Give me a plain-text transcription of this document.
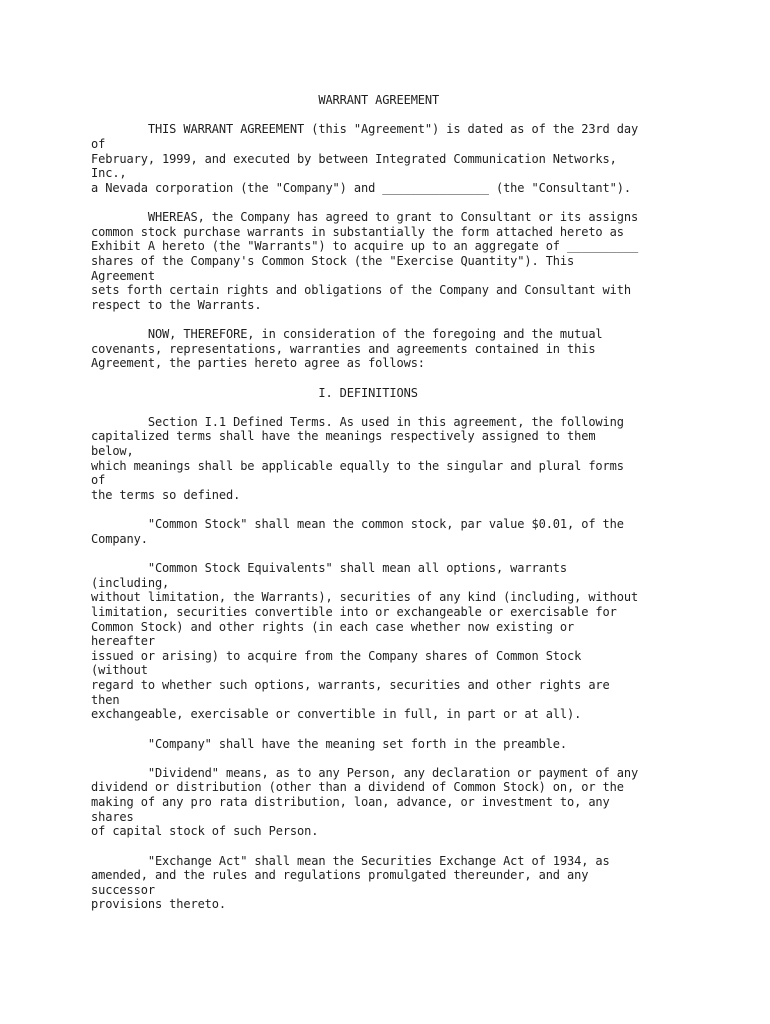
WARRANT AGREEMENT
THIS WARRANT AGREEMENT (this "Agreement") is dated as of the 23rd day
of
February, 1999, and executed by between Integrated Communication Networks,
Inc.,
a Nevada corporation (the "Company") and _______________ (the "Consultant").
WHEREAS, the Company has agreed to grant to Consultant or its assigns
common stock purchase warrants in substantially the form attached hereto as
Exhibit A hereto (the "Warrants") to acquire up to an aggregate of __________
shares of the Company's Common Stock (the "Exercise Quantity"). This
Agreement
sets forth certain rights and obligations of the Company and Consultant with
respect to the Warrants.
NOW, THEREFORE, in consideration of the foregoing and the mutual
covenants, representations, warranties and agreements contained in this
Agreement, the parties hereto agree as follows:
I. DEFINITIONS
Section I.1 Defined Terms. As used in this agreement, the following
capitalized terms shall have the meanings respectively assigned to them
below,
which meanings shall be applicable equally to the singular and plural forms
of
the terms so defined.
"Common Stock" shall mean the common stock, par value $0.01, of the
Company.
"Common Stock Equivalents" shall mean all options, warrants
(including,
without limitation, the Warrants), securities of any kind (including, without
limitation, securities convertible into or exchangeable or exercisable for
Common Stock) and other rights (in each case whether now existing or
hereafter
issued or arising) to acquire from the Company shares of Common Stock
(without
regard to whether such options, warrants, securities and other rights are
then
exchangeable, exercisable or convertible in full, in part or at all).
"Company" shall have the meaning set forth in the preamble.
"Dividend" means, as to any Person, any declaration or payment of any
dividend or distribution (other than a dividend of Common Stock) on, or the
making of any pro rata distribution, loan, advance, or investment to, any
shares
of capital stock of such Person.
"Exchange Act" shall mean the Securities Exchange Act of 1934, as
amended, and the rules and regulations promulgated thereunder, and any
successor
provisions thereto.
